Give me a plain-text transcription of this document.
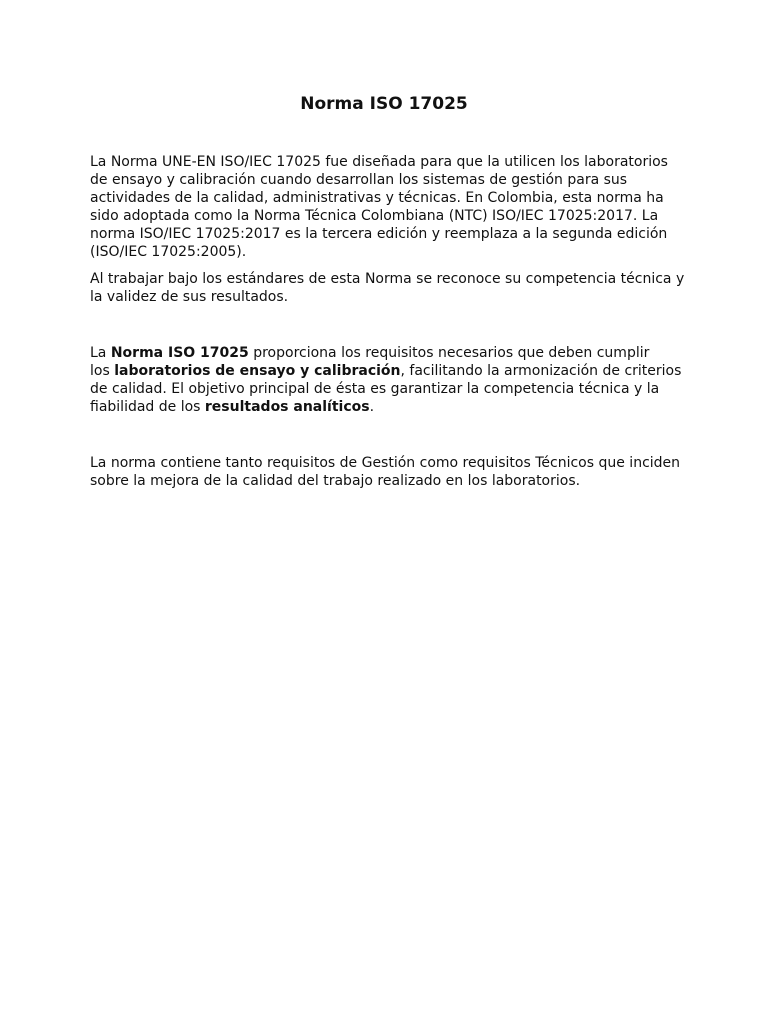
Norma ISO 17025

La Norma UNE-EN ISO/IEC 17025 fue diseñada para que la utilicen los laboratorios
de ensayo y calibración cuando desarrollan los sistemas de gestión para sus
actividades de la calidad, administrativas y técnicas. En Colombia, esta norma ha
sido adoptada como la Norma Técnica Colombiana (NTC) ISO/IEC 17025:2017. La
norma ISO/IEC 17025:2017 es la tercera edición y reemplaza a la segunda edición
(ISO/IEC 17025:2005).

Al trabajar bajo los estándares de esta Norma se reconoce su competencia técnica y
la validez de sus resultados.

La Norma ISO 17025 proporciona los requisitos necesarios que deben cumplir
los laboratorios de ensayo y calibración, facilitando la armonización de criterios
de calidad. El objetivo principal de ésta es garantizar la competencia técnica y la
fiabilidad de los resultados analíticos.

La norma contiene tanto requisitos de Gestión como requisitos Técnicos que inciden
sobre la mejora de la calidad del trabajo realizado en los laboratorios.
